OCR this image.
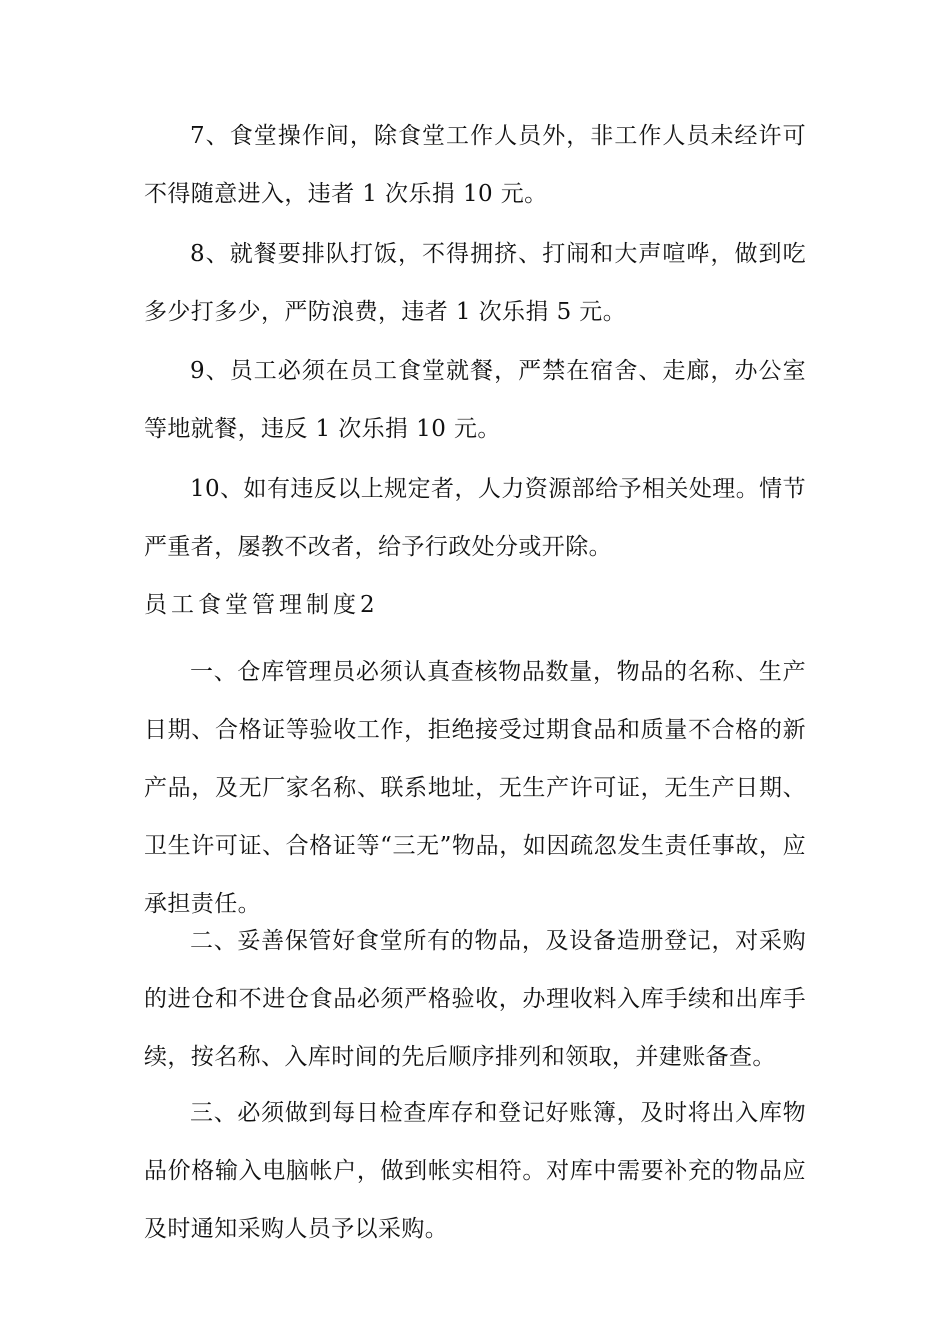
7、食堂操作间，除食堂工作人员外，非工作人员未经许可不得随意进入，违者 1 次乐捐 10 元。

8、就餐要排队打饭，不得拥挤、打闹和大声喧哗，做到吃多少打多少，严防浪费，违者 1 次乐捐 5 元。

9、员工必须在员工食堂就餐，严禁在宿舍、走廊，办公室等地就餐，违反 1 次乐捐 10 元。

10、如有违反以上规定者，人力资源部给予相关处理。情节严重者，屡教不改者，给予行政处分或开除。

员工食堂管理制度2

一、仓库管理员必须认真查核物品数量，物品的名称、生产日期、合格证等验收工作，拒绝接受过期食品和质量不合格的新产品，及无厂家名称、联系地址，无生产许可证，无生产日期、卫生许可证、合格证等“三无”物品，如因疏忽发生责任事故，应承担责任。

二、妥善保管好食堂所有的物品，及设备造册登记，对采购的进仓和不进仓食品必须严格验收，办理收料入库手续和出库手续，按名称、入库时间的先后顺序排列和领取，并建账备查。

三、必须做到每日检查库存和登记好账簿，及时将出入库物品价格输入电脑帐户，做到帐实相符。对库中需要补充的物品应及时通知采购人员予以采购。
